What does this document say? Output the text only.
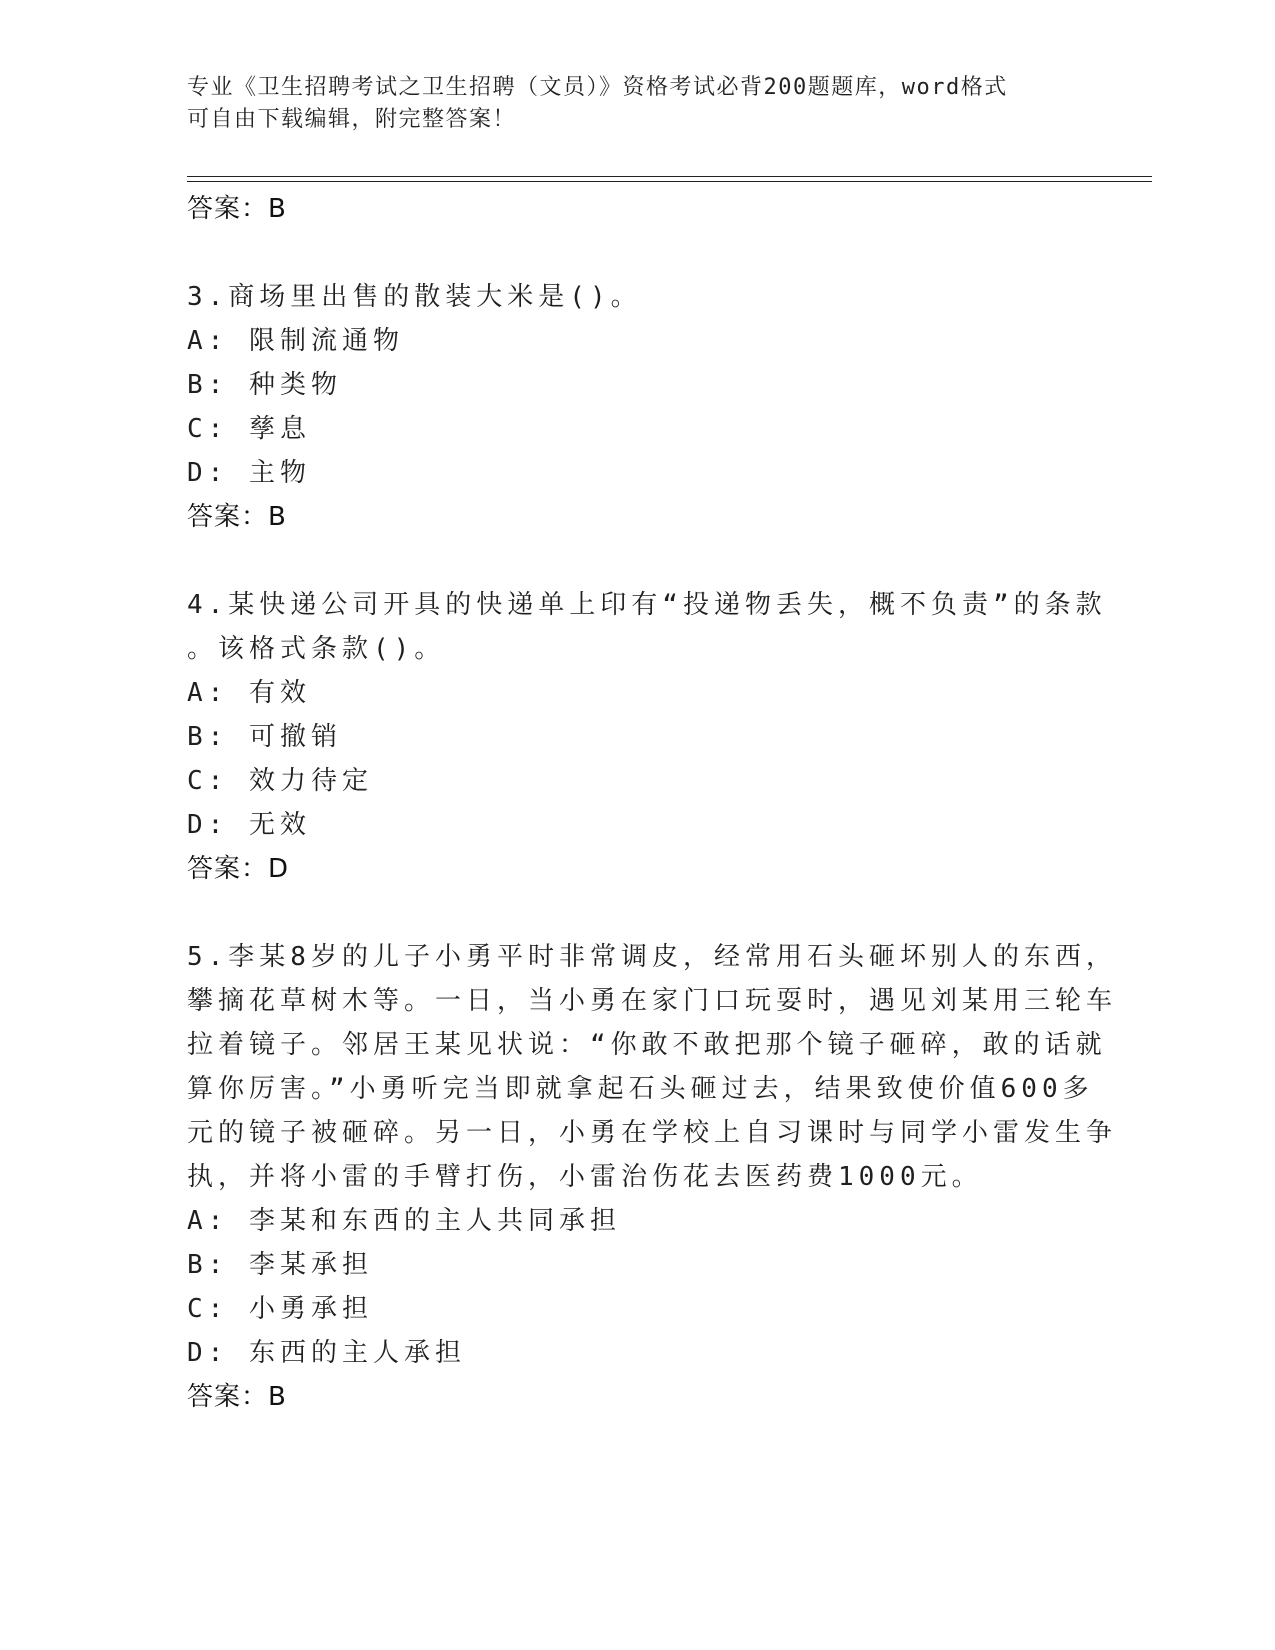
专业《卫生招聘考试之卫生招聘（文员）》资格考试必背200题题库，word格式
可自由下载编辑，附完整答案！
答案：B
3.商场里出售的散装大米是()。
A: 限制流通物
B: 种类物
C: 孳息
D: 主物
答案：B
4.某快递公司开具的快递单上印有“投递物丢失，概不负责”的条款
。该格式条款()。
A: 有效
B: 可撤销
C: 效力待定
D: 无效
答案：D
5.李某8岁的儿子小勇平时非常调皮，经常用石头砸坏别人的东西，
攀摘花草树木等。一日，当小勇在家门口玩耍时，遇见刘某用三轮车
拉着镜子。邻居王某见状说：“你敢不敢把那个镜子砸碎，敢的话就
算你厉害。”小勇听完当即就拿起石头砸过去，结果致使价值600多
元的镜子被砸碎。另一日，小勇在学校上自习课时与同学小雷发生争
执，并将小雷的手臂打伤，小雷治伤花去医药费1000元。
A: 李某和东西的主人共同承担
B: 李某承担
C: 小勇承担
D: 东西的主人承担
答案：B
